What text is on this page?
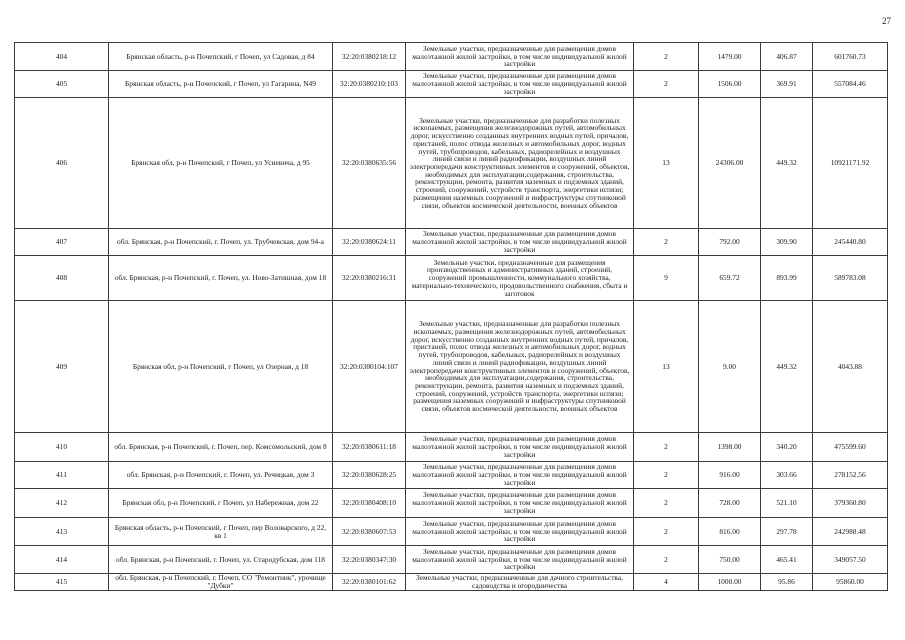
27
404	Брянская область, р-н Почепский, г Почеп, ул Садовая, д 84	32:20:0380218:12	Земельные участки, предназначенные для размещения домов малоэтажной жилой застройки, в том числе индивидуальной жилой застройки	2	1479.00	406.87	601760.73
405	Брянская область, р-н Почепский, г Почеп, ул Гагарина, N49	32:20:0380210:103	Земельные участки, предназначенные для размещения домов малоэтажной жилой застройки, в том числе индивидуальной жилой застройки	2	1506.00	369.91	557084.46
406	Брянская обл, р-н Почепский, г Почеп, ул Усиевича, д 95	32:20:0380635:56	Земельные участки, предназначенные для разработки полезных ископаемых, размещения железнодорожных путей, автомобильных дорог, искусственно созданных внутренних водных путей, причалов, пристаней, полос отвода железных и автомобильных дорог, водных путей, трубопроводов, кабельных, радиорелейных и воздушных линий связи и линий радиофикации, воздушных линий электропередачи конструктивных элементов и сооружений, объектов, необходимых для эксплуатации,содержания, строительства, реконструкции, ремонта, развития наземных и подземных зданий, строений, сооружений, устройств транспорта, энергетики испязи; размещения наземных сооружений и инфраструктуры спутниковой связи, объектов космической деятельности, военных объектов	13	24306.00	449.32	10921171.92
407	обл. Брянская, р-н Почепский, г. Почеп, ул. Трубчевская, дом 94-а	32:20:0380624:11	Земельные участки, предназначенные для размещения домов малоэтажной жилой застройки, в том числе индивидуальной жилой застройки	2	792.00	309.90	245440.80
408	обл. Брянская, р-н Почепский, г. Почеп, ул. Ново-Затишная, дом 18	32:20:0380216:31	Земельные участки, предназначенные для размещения производственных и административных зданий, строений, сооружений промышленности, коммунального хозяйства, материально-технического, продовольственного снабжения, сбыта и заготовок	9	659.72	893.99	589783.08
409	Брянская обл, р-н Почепский, г Почеп, ул Озерная, д 18	32:20:0380104:107	Земельные участки, предназначенные для разработки полезных ископаемых, размещения железнодорожных путей, автомобильных дорог, искусственно созданных внутренних водных путей, причалов, пристаней, полос отвода железных и автомобильных дорог, водных путей, трубопроводов, кабельных, радиорелейных и воздушных линий связи и линий радиофикации, воздушных линий электропередачи конструктивных элементов и сооружений, объектов, необходимых для эксплуатации,содержания, строительства, реконструкции, ремонта, развития наземных и подземных зданий, строений, сооружений, устройств транспорта, энергетики испязи; размещения наземных сооружений и инфраструктуры спутниковой связи, объектов космической деятельности, военных объектов	13	9.00	449.32	4043.88
410	обл. Брянская, р-н Почепский, г. Почеп, пер. Комсомольский, дом 8	32:20:0380611:18	Земельные участки, предназначенные для размещения домов малоэтажной жилой застройки, в том числе индивидуальной жилой застройки	2	1398.00	340.20	475599.60
411	обл. Брянская, р-н Почепский, г. Почеп, ул. Речицкая, дом 3	32:20:0380628:25	Земельные участки, предназначенные для размещения домов малоэтажной жилой застройки, в том числе индивидуальной жилой застройки	2	916.00	303.66	278152.56
412	Брянская обл, р-н Почепский, г Почеп, ул Набережная, дом 22	32:20:0380408:10	Земельные участки, предназначенные для размещения домов малоэтажной жилой застройки, в том числе индивидуальной жилой застройки	2	728.00	521.10	379360.80
413	Брянская область, р-н Почепский, г Почеп, пер Воловарского, д 22, кв 1	32:20:0380607:53	Земельные участки, предназначенные для размещения домов малоэтажной жилой застройки, в том числе индивидуальной жилой застройки	2	816.00	297.78	242988.48
414	обл. Брянская, р-н Почепский, г. Почеп, ул. Стародубская, дом 118	32:20:0380347:30	Земельные участки, предназначенные для размещения домов малоэтажной жилой застройки, в том числе индивидуальной жилой застройки	2	750.00	465.41	349057.50
415	обл. Брянская, р-н Почепский, г. Почеп, СО "Ремонтник", урочище "Дубки"	32:20:0380101:62	Земельные участки, предназначенные для дачного строительства, садоводства и огородничества	4	1000.00	95.86	95860.00
